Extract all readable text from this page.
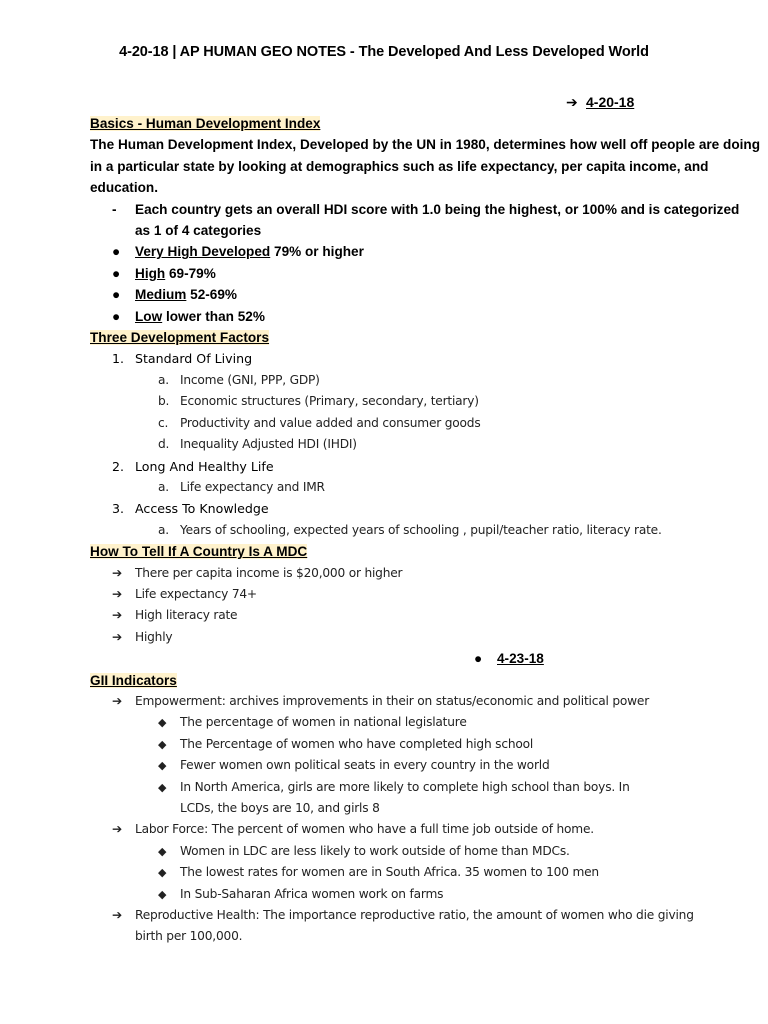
4-20-18 | AP HUMAN GEO NOTES - The Developed And Less Developed World
➔ 4-20-18
Basics - Human Development Index
The Human Development Index, Developed by the UN in 1980, determines how well off people are doing
in a particular state by looking at demographics such as life expectancy, per capita income, and
education.
- Each country gets an overall HDI score with 1.0 being the highest, or 100% and is categorized
as 1 of 4 categories
● Very High Developed 79% or higher
● High 69-79%
● Medium 52-69%
● Low lower than 52%
Three Development Factors
1. Standard Of Living
a. Income (GNI, PPP, GDP)
b. Economic structures (Primary, secondary, tertiary)
c. Productivity and value added and consumer goods
d. Inequality Adjusted HDI (IHDI)
2. Long And Healthy Life
a. Life expectancy and IMR
3. Access To Knowledge
a. Years of schooling, expected years of schooling , pupil/teacher ratio, literacy rate.
How To Tell If A Country Is A MDC
➔ There per capita income is $20,000 or higher
➔ Life expectancy 74+
➔ High literacy rate
➔ Highly
● 4-23-18
GII Indicators
➔ Empowerment: archives improvements in their on status/economic and political power
◆ The percentage of women in national legislature
◆ The Percentage of women who have completed high school
◆ Fewer women own political seats in every country in the world
◆ In North America, girls are more likely to complete high school than boys. In
LCDs, the boys are 10, and girls 8
➔ Labor Force: The percent of women who have a full time job outside of home.
◆ Women in LDC are less likely to work outside of home than MDCs.
◆ The lowest rates for women are in South Africa. 35 women to 100 men
◆ In Sub-Saharan Africa women work on farms
➔ Reproductive Health: The importance reproductive ratio, the amount of women who die giving
birth per 100,000.
